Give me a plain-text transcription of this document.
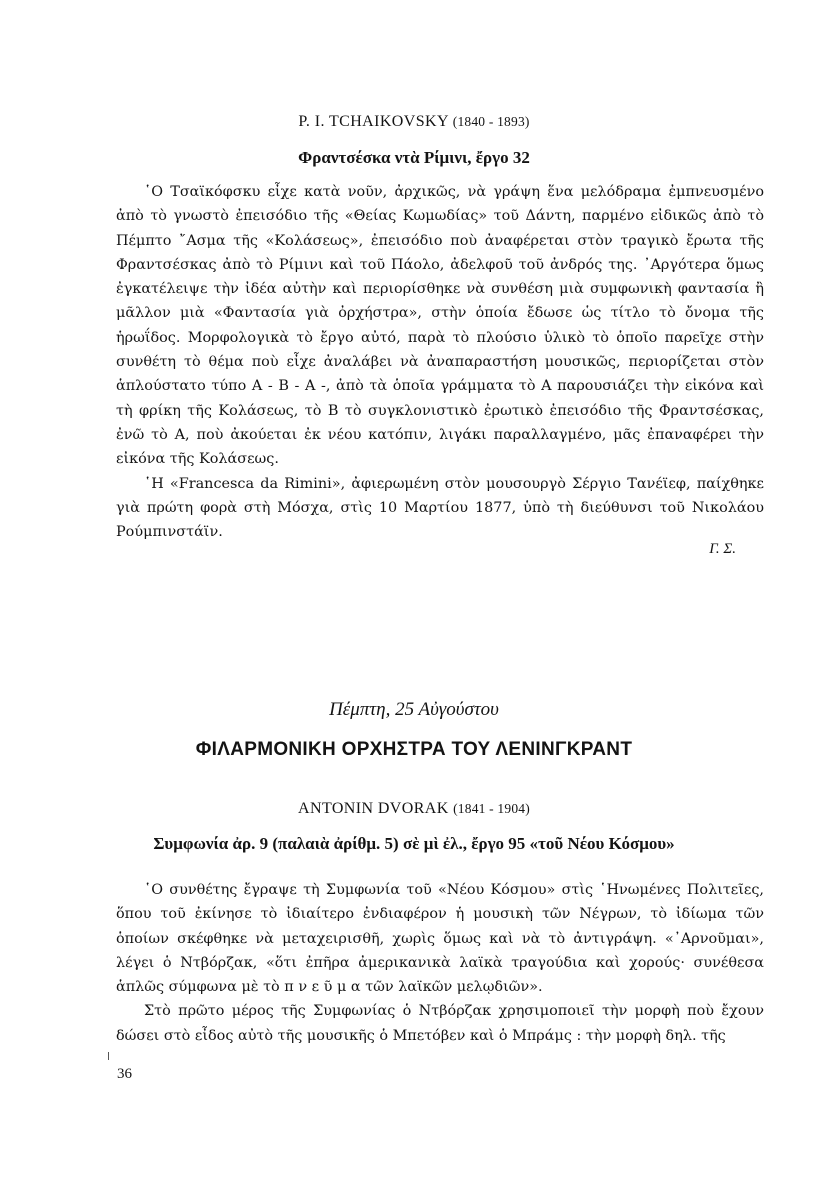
P. I. TCHAIKOVSKY (1840 - 1893)
Φραντσέσκα ντὰ Ρίμινι, ἔργο 32

῾Ο Τσαϊκόφσκυ εἶχε κατὰ νοῦν, ἀρχικῶς, νὰ γράψη ἕνα μελόδραμα ἐμπνευσμένο ἀπὸ τὸ γνωστὸ ἐπεισόδιο τῆς «Θείας Κωμωδίας» τοῦ Δάντη, παρμένο εἰδικῶς ἀπὸ τὸ Πέμπτο ῎Ασμα τῆς «Κολάσεως», ἐπεισόδιο ποὺ ἀναφέρεται στὸν τραγικὸ ἔρωτα τῆς Φραντσέσκας ἀπὸ τὸ Ρίμινι καὶ τοῦ Πάολο, ἀδελφοῦ τοῦ ἀνδρός της. ᾿Αργότερα ὅμως ἐγκατέλειψε τὴν ἰδέα αὐτὴν καὶ περιορίσθηκε νὰ συνθέση μιὰ συμφωνικὴ φαντασία ἢ μᾶλλον μιὰ «Φαντασία γιὰ ὀρχήστρα», στὴν ὁποία ἔδωσε ὡς τίτλο τὸ ὄνομα τῆς ἡρωΐδος. Μορφολογικὰ τὸ ἔργο αὐτό, παρὰ τὸ πλούσιο ὑλικὸ τὸ ὁποῖο παρεῖχε στὴν συνθέτη τὸ θέμα ποὺ εἶχε ἀναλάβει νὰ ἀναπαραστήση μουσικῶς, περιορίζεται στὸν ἁπλούστατο τύπο Α - Β - Α -, ἀπὸ τὰ ὁποῖα γράμματα τὸ Α παρουσιάζει τὴν εἰκόνα καὶ τὴ φρίκη τῆς Κολάσεως, τὸ Β τὸ συγκλονιστικὸ ἐρωτικὸ ἐπεισόδιο τῆς Φραντσέσκας, ἐνῶ τὸ Α, ποὺ ἀκούεται ἐκ νέου κατόπιν, λιγάκι παραλλαγμένο, μᾶς ἐπαναφέρει τὴν εἰκόνα τῆς Κολάσεως.

῾Η «Francesca da Rimini», ἀφιερωμένη στὸν μουσουργὸ Σέργιο Τανέϊεφ, παίχθηκε γιὰ πρώτη φορὰ στὴ Μόσχα, στὶς 10 Μαρτίου 1877, ὑπὸ τὴ διεύθυνσι τοῦ Νικολάου Ρούμπινστάϊν.

Γ. Σ.
Πέμπτη, 25 Αὐγούστου
ΦΙΛΑΡΜΟΝΙΚΗ ΟΡΧΗΣΤΡΑ ΤΟΥ ΛΕΝΙΝΓΚΡΑΝΤ
ANTONIN DVORAK (1841 - 1904)
Συμφωνία ἀρ. 9 (παλαιὰ ἀρίθμ. 5) σὲ μὶ ἐλ., ἔργο 95 «τοῦ Νέου Κόσμου»

῾Ο συνθέτης ἔγραψε τὴ Συμφωνία τοῦ «Νέου Κόσμου» στὶς ῾Ηνωμένες Πολιτεῖες, ὅπου τοῦ ἐκίνησε τὸ ἰδιαίτερο ἐνδιαφέρον ἡ μουσικὴ τῶν Νέγρων, τὸ ἰδίωμα τῶν ὁποίων σκέφθηκε νὰ μεταχειρισθῆ, χωρὶς ὅμως καὶ νὰ τὸ ἀντιγράψη. «᾿Αρνοῦμαι», λέγει ὁ Ντβόρζακ, «ὅτι ἐπῆρα ἀμερικανικὰ λαϊκὰ τραγούδια καὶ χορούς· συνέθεσα ἁπλῶς σύμφωνα μὲ τὸ π ν ε ῦ μ α τῶν λαϊκῶν μελῳδιῶν».

Στὸ πρῶτο μέρος τῆς Συμφωνίας ὁ Ντβόρζακ χρησιμοποιεῖ τὴν μορφὴ ποὺ ἔχουν δώσει στὸ εἶδος αὐτὸ τῆς μουσικῆς ὁ Μπετόβεν καὶ ὁ Μπράμς : τὴν μορφὴ δηλ. τῆς

36
